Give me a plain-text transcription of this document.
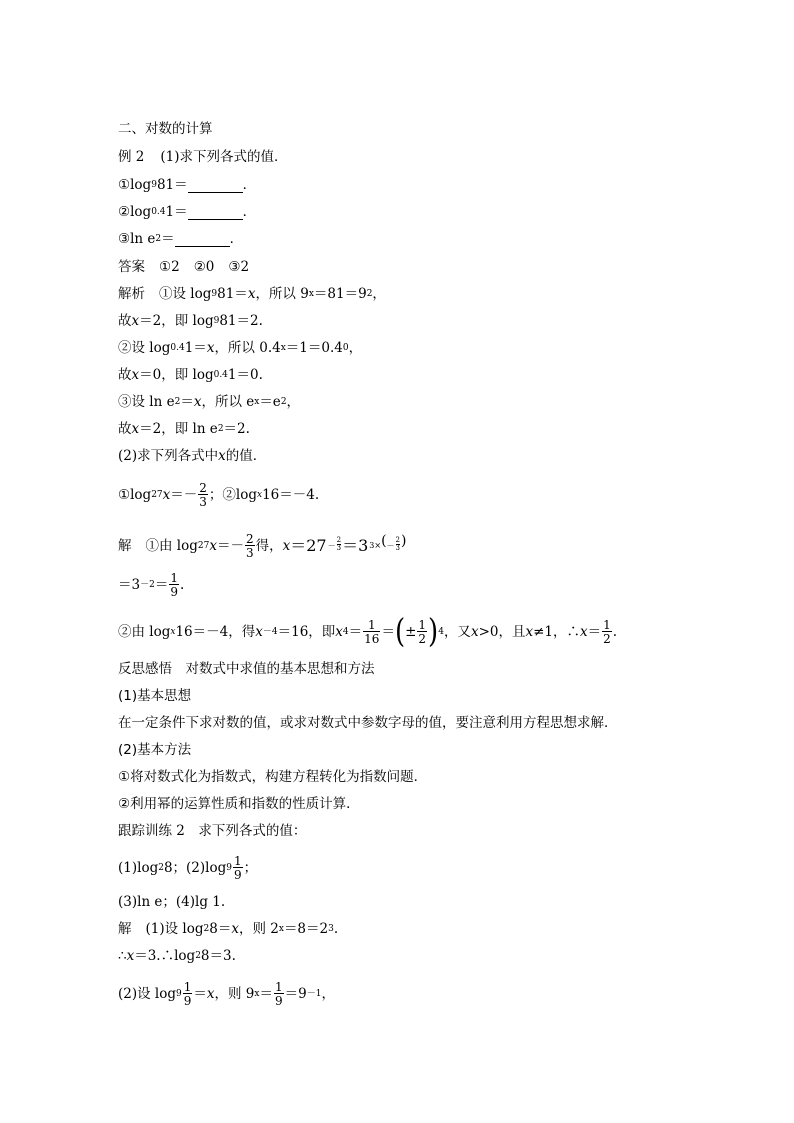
二、对数的计算
例 2 (1)求下列各式的值．
①log 9 81＝	．
②log 0.4 1＝	．
③ln e 2 ＝	．
答案 ①2 ②0 ③2
解析 ①设 log 9 81＝ x ，所以 9 x ＝81＝9 2 ，
故 x ＝2，即 log 9 81＝2.
②设 log 0.4 1＝ x ，所以 0.4 x ＝1＝0.4 0 ，
故 x ＝0，即 log 0.4 1＝0.
③设 ln e 2 ＝ x ，所以 e x ＝e 2 ，
故 x ＝2，即 ln e 2 ＝2.
(2)求下列各式中 x 的值．
①log 27 $x =- \frac{2}{3}$ ；②log x 16＝－4.
解 ①由 log 27 $x =- \frac{2}{3}$ 得， $x =27 - \frac{2}{3} =3$ 3× ( － $\frac{2}{3}$ )
$=3 -2 = \frac{1}{9}$ .
②由 log x 16＝－4，得 x －4 ＝16，即 x $4 = \frac{1}{16}$ ＝ ( ± $\frac{1}{2}$ ) 4 ，又 x >0，且 x ≠1，∴ $x = \frac{1}{2}$ .
反思感悟　对数式中求值的基本思想和方法
(1)基本思想
在一定条件下求对数的值，或求对数式中参数字母的值，要注意利用方程思想求解．
(2)基本方法
①将对数式化为指数式，构建方程转化为指数问题．
②利用幂的运算性质和指数的性质计算．
跟踪训练 2　求下列各式的值：
(1)log 2 8；(2)log $9 \frac{1}{9}$ ；
(3)ln e；(4)lg 1.
解 (1)设 log 2 8＝ x ，则 2 x ＝8＝2 3 .
∴ x ＝3.∴log 2 8＝3.
(2)设 $\log 9 \frac{1}{9} = x$ ，则 9 $x = \frac{1}{9} =9 -1$ ，
